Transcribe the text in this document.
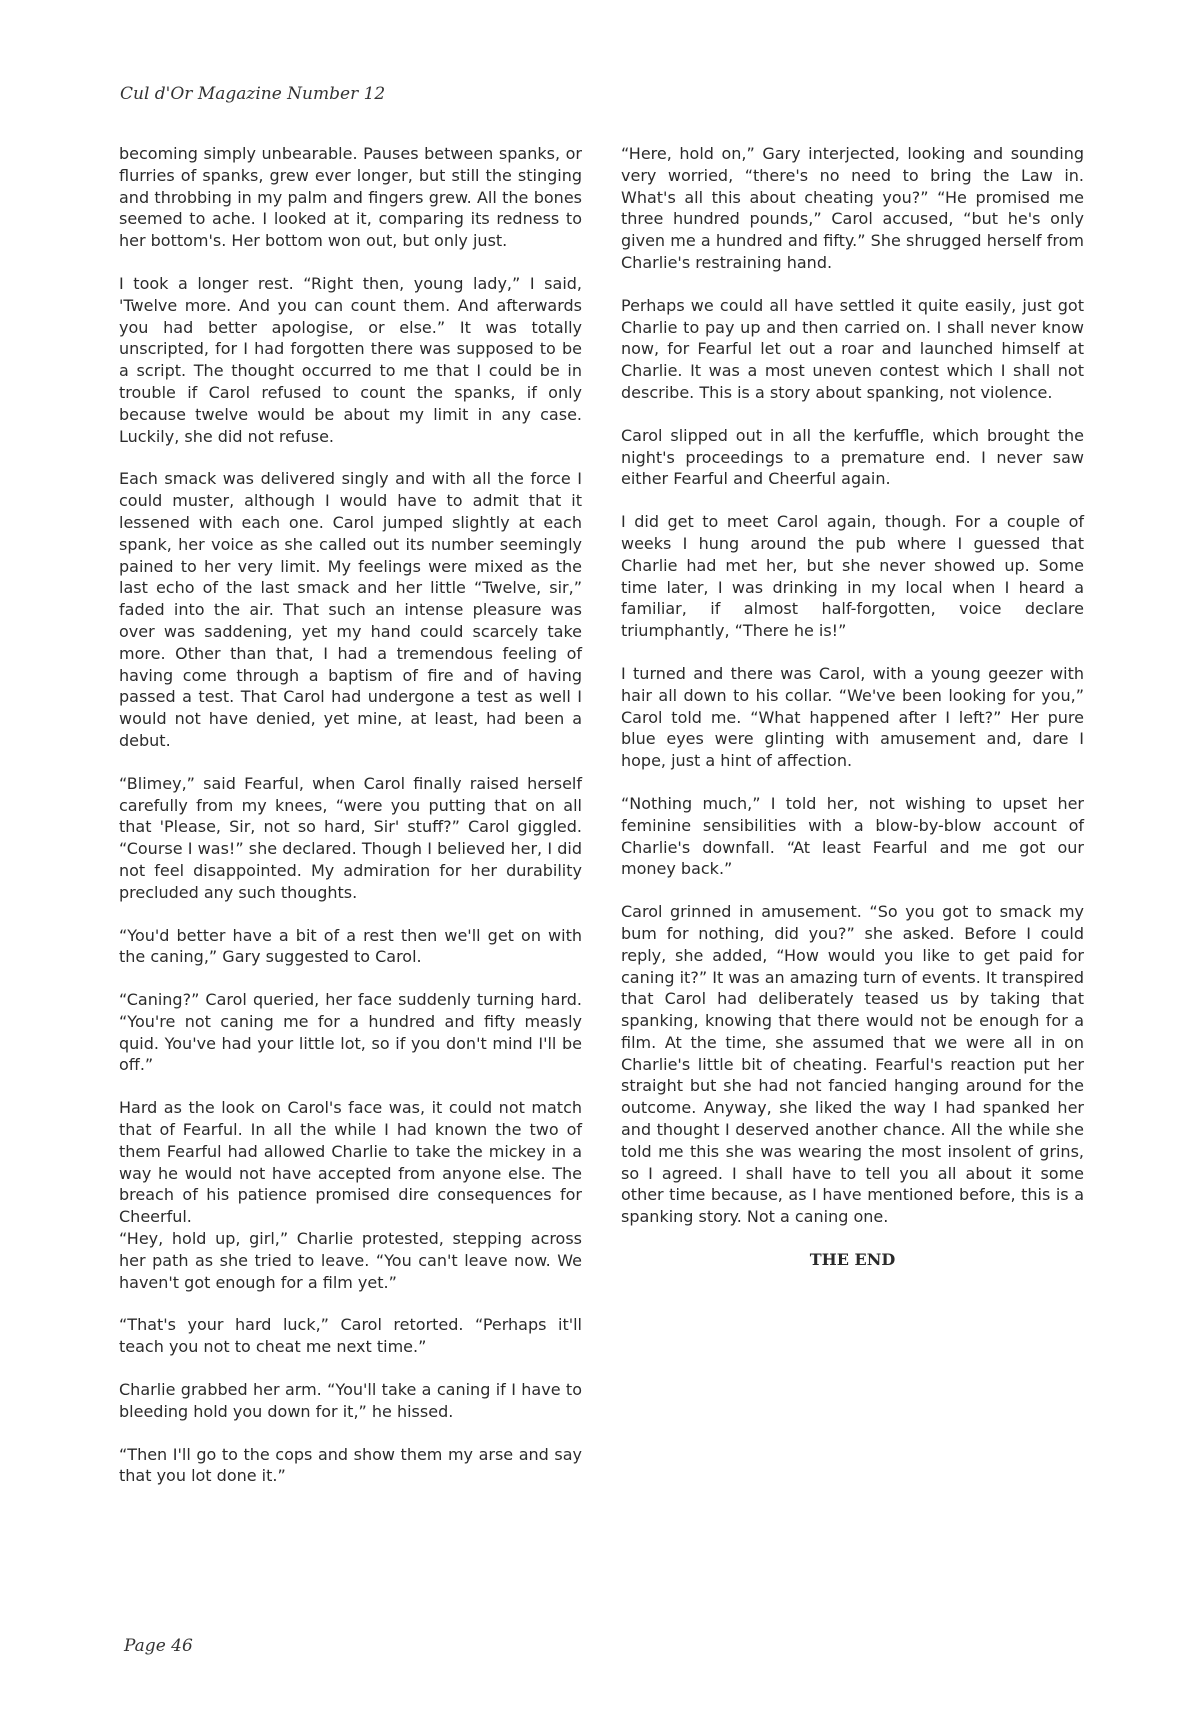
Cul d'Or Magazine Number 12

becoming simply unbearable. Pauses between spanks, or flurries of spanks, grew ever longer, but still the stinging and throbbing in my palm and fingers grew. All the bones seemed to ache. I looked at it, comparing its redness to her bottom's. Her bottom won out, but only just.

I took a longer rest. “Right then, young lady,” I said, 'Twelve more. And you can count them. And afterwards you had better apologise, or else.” It was totally unscripted, for I had forgotten there was supposed to be a script. The thought occurred to me that I could be in trouble if Carol refused to count the spanks, if only because twelve would be about my limit in any case. Luckily, she did not refuse.

Each smack was delivered singly and with all the force I could muster, although I would have to admit that it lessened with each one. Carol jumped slightly at each spank, her voice as she called out its number seemingly pained to her very limit. My feelings were mixed as the last echo of the last smack and her little “Twelve, sir,” faded into the air. That such an intense pleasure was over was saddening, yet my hand could scarcely take more. Other than that, I had a tremendous feeling of having come through a baptism of fire and of having passed a test. That Carol had undergone a test as well I would not have denied, yet mine, at least, had been a debut.

“Blimey,” said Fearful, when Carol finally raised herself carefully from my knees, “were you putting that on all that 'Please, Sir, not so hard, Sir' stuff?” Carol giggled. “Course I was!” she declared. Though I believed her, I did not feel disappointed. My admiration for her durability precluded any such thoughts.

“You'd better have a bit of a rest then we'll get on with the caning,” Gary suggested to Carol.

“Caning?” Carol queried, her face suddenly turning hard. “You're not caning me for a hundred and fifty measly quid. You've had your little lot, so if you don't mind I'll be off.”

Hard as the look on Carol's face was, it could not match that of Fearful. In all the while I had known the two of them Fearful had allowed Charlie to take the mickey in a way he would not have accepted from anyone else. The breach of his patience promised dire consequences for Cheerful.

“Hey, hold up, girl,” Charlie protested, stepping across her path as she tried to leave. “You can't leave now. We haven't got enough for a film yet.”

“That's your hard luck,” Carol retorted. “Perhaps it'll teach you not to cheat me next time.”

Charlie grabbed her arm. “You'll take a caning if I have to bleeding hold you down for it,” he hissed.

“Then I'll go to the cops and show them my arse and say that you lot done it.”

“Here, hold on,” Gary interjected, looking and sounding very worried, “there's no need to bring the Law in. What's all this about cheating you?” “He promised me three hundred pounds,” Carol accused, “but he's only given me a hundred and fifty.” She shrugged herself from Charlie's restraining hand.

Perhaps we could all have settled it quite easily, just got Charlie to pay up and then carried on. I shall never know now, for Fearful let out a roar and launched himself at Charlie. It was a most uneven contest which I shall not describe. This is a story about spanking, not violence.

Carol slipped out in all the kerfuffle, which brought the night's proceedings to a premature end. I never saw either Fearful and Cheerful again.

I did get to meet Carol again, though. For a couple of weeks I hung around the pub where I guessed that Charlie had met her, but she never showed up. Some time later, I was drinking in my local when I heard a familiar, if almost half-forgotten, voice declare triumphantly, “There he is!”

I turned and there was Carol, with a young geezer with hair all down to his collar. “We've been looking for you,” Carol told me. “What happened after I left?” Her pure blue eyes were glinting with amusement and, dare I hope, just a hint of affection.

“Nothing much,” I told her, not wishing to upset her feminine sensibilities with a blow-by-blow account of Charlie's downfall. “At least Fearful and me got our money back.”

Carol grinned in amusement. “So you got to smack my bum for nothing, did you?” she asked. Before I could reply, she added, “How would you like to get paid for caning it?” It was an amazing turn of events. It transpired that Carol had deliberately teased us by taking that spanking, knowing that there would not be enough for a film. At the time, she assumed that we were all in on Charlie's little bit of cheating. Fearful's reaction put her straight but she had not fancied hanging around for the outcome. Anyway, she liked the way I had spanked her and thought I deserved another chance. All the while she told me this she was wearing the most insolent of grins, so I agreed. I shall have to tell you all about it some other time because, as I have mentioned before, this is a spanking story. Not a caning one.

THE END

Page 46
